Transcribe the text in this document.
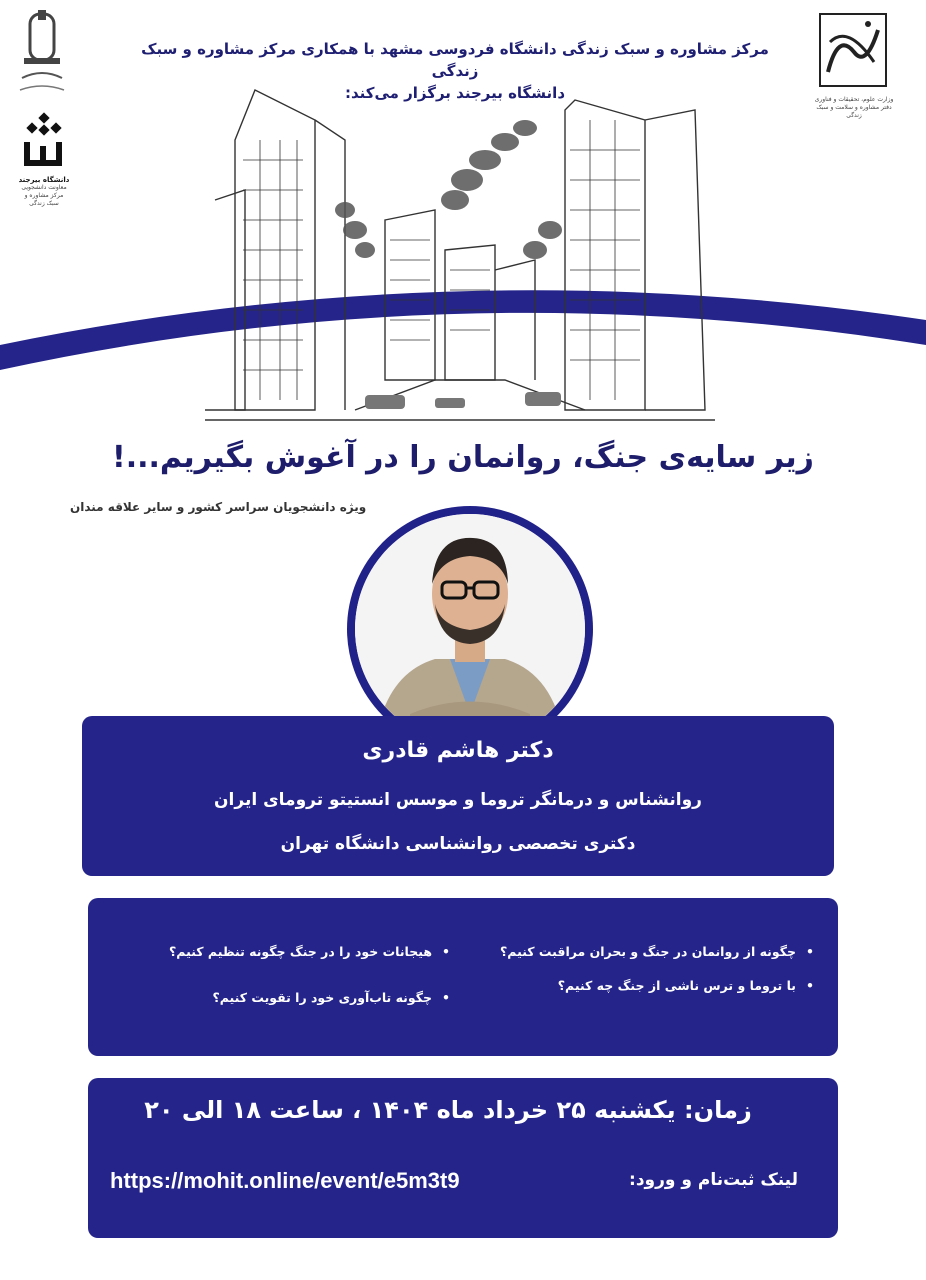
مرکز مشاوره و سبک زندگی دانشگاه فردوسی مشهد با همکاری مرکز مشاوره و سبک زندگی
دانشگاه بیرجند برگزار می‌کند:
دانشگاه بیرجند
معاونت دانشجویی
مرکز مشاوره و سبک زندگی
وزارت علوم، تحقیقات و فناوری
دفتر مشاوره و سلامت و سبک زندگی
زیر سایه‌ی جنگ، روانمان را در آغوش بگیریم...!
ویژه دانشجویان سراسر کشور و سایر علاقه مندان
دکتر هاشم قادری
روانشناس و درمانگر تروما و موسس انستیتو ترومای ایران
دکتری تخصصی روانشناسی دانشگاه تهران
• چگونه از روانمان در جنگ و بحران مراقبت کنیم؟
• با تروما و ترس ناشی از جنگ چه کنیم؟
• هیجانات خود را در جنگ چگونه تنظیم کنیم؟
• چگونه تاب‌آوری خود را تقویت کنیم؟
زمان: یکشنبه ۲۵ خرداد ماه ۱۴۰۴ ، ساعت ۱۸ الی ۲۰
لینک ثبت‌نام و ورود:
https://mohit.online/event/e5m3t9
